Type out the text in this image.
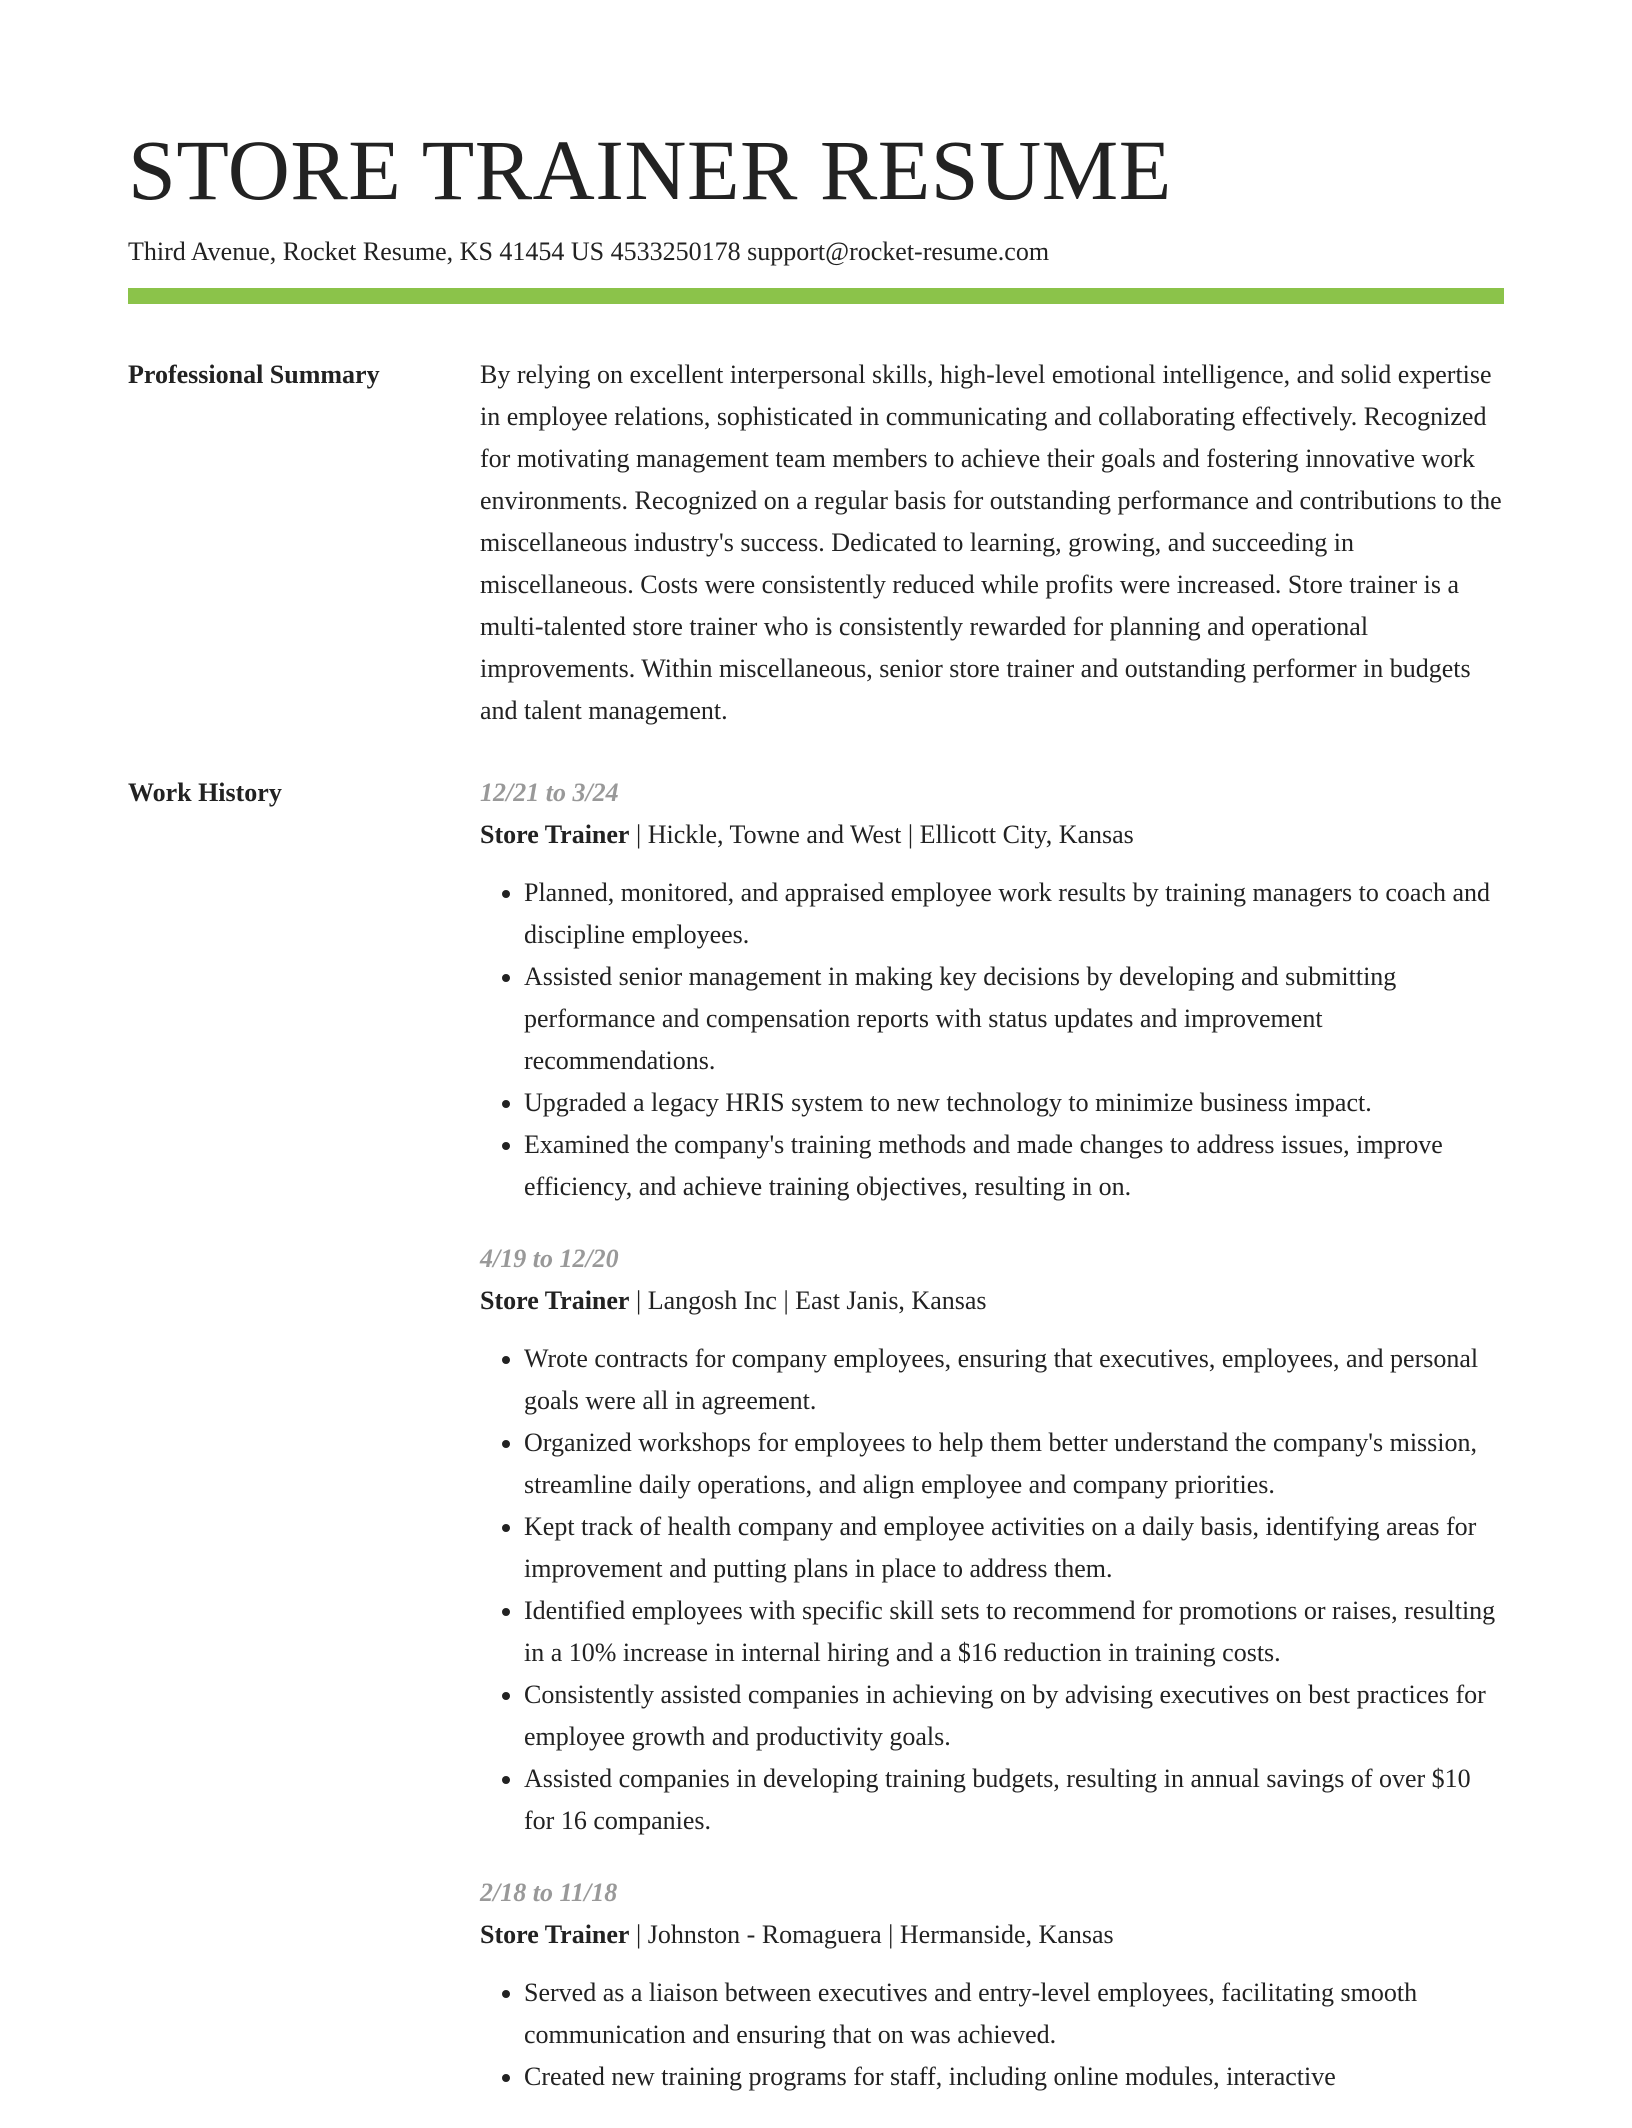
STORE TRAINER RESUME
Third Avenue, Rocket Resume, KS 41454 US 4533250178 support@rocket-resume.com
Professional Summary	By relying on excellent interpersonal skills, high-level emotional intelligence, and solid expertise in employee relations, sophisticated in communicating and collaborating effectively. Recognized for motivating management team members to achieve their goals and fostering innovative work environments. Recognized on a regular basis for outstanding performance and contributions to the miscellaneous industry's success. Dedicated to learning, growing, and succeeding in miscellaneous. Costs were consistently reduced while profits were increased. Store trainer is a multi-talented store trainer who is consistently rewarded for planning and operational improvements. Within miscellaneous, senior store trainer and outstanding performer in budgets and talent management.

Work History	12/21 to 3/24
Store Trainer | Hickle, Towne and West | Ellicott City, Kansas
• Planned, monitored, and appraised employee work results by training managers to coach and discipline employees.
• Assisted senior management in making key decisions by developing and submitting performance and compensation reports with status updates and improvement recommendations.
• Upgraded a legacy HRIS system to new technology to minimize business impact.
• Examined the company's training methods and made changes to address issues, improve efficiency, and achieve training objectives, resulting in on.
4/19 to 12/20
Store Trainer | Langosh Inc | East Janis, Kansas
• Wrote contracts for company employees, ensuring that executives, employees, and personal goals were all in agreement.
• Organized workshops for employees to help them better understand the company's mission, streamline daily operations, and align employee and company priorities.
• Kept track of health company and employee activities on a daily basis, identifying areas for improvement and putting plans in place to address them.
• Identified employees with specific skill sets to recommend for promotions or raises, resulting in a 10% increase in internal hiring and a $16 reduction in training costs.
• Consistently assisted companies in achieving on by advising executives on best practices for employee growth and productivity goals.
• Assisted companies in developing training budgets, resulting in annual savings of over $10 for 16 companies.
2/18 to 11/18
Store Trainer | Johnston - Romaguera | Hermanside, Kansas
• Served as a liaison between executives and entry-level employees, facilitating smooth communication and ensuring that on was achieved.
• Created new training programs for staff, including online modules, interactive
